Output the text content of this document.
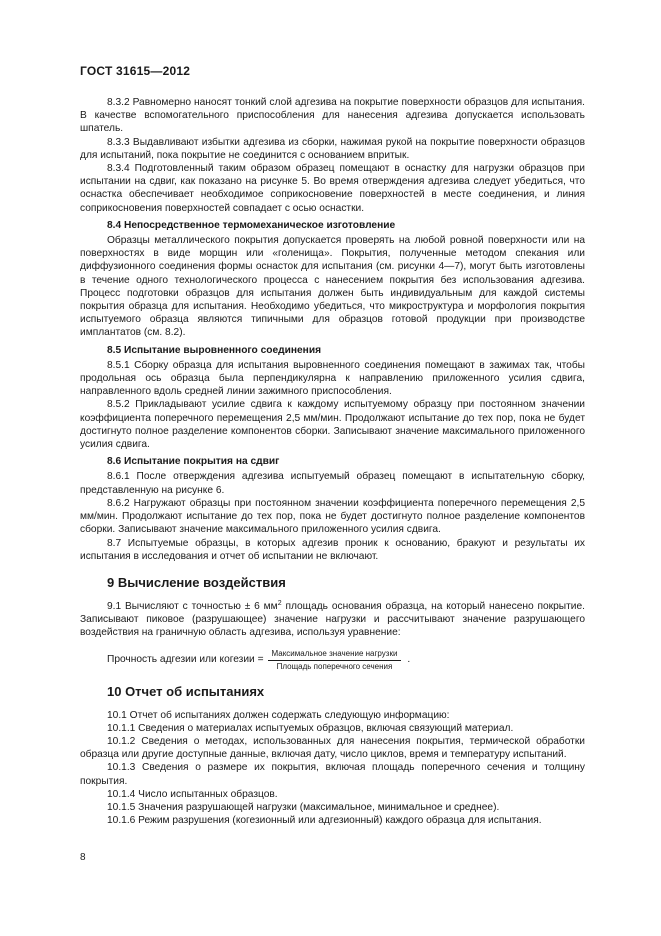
ГОСТ 31615—2012

8.3.2 Равномерно наносят тонкий слой адгезива на покрытие поверхности образцов для испытания. В качестве вспомогательного приспособления для нанесения адгезива допускается использовать шпатель.

8.3.3 Выдавливают избытки адгезива из сборки, нажимая рукой на покрытие поверхности образцов для испытаний, пока покрытие не соединится с основанием впритык.

8.3.4 Подготовленный таким образом образец помещают в оснастку для нагрузки образцов при испытании на сдвиг, как показано на рисунке 5. Во время отверждения адгезива следует убедиться, что оснастка обеспечивает необходимое соприкосновение поверхностей в месте соединения, и линия соприкосновения поверхностей совпадает с осью оснастки.

8.4 Непосредственное термомеханическое изготовление

Образцы металлического покрытия допускается проверять на любой ровной поверхности или на поверхностях в виде морщин или «голенища». Покрытия, полученные методом спекания или диффузионного соединения формы оснасток для испытания (см. рисунки 4—7), могут быть изготовлены в течение одного технологического процесса с нанесением покрытия без использования адгезива. Процесс подготовки образцов для испытания должен быть индивидуальным для каждой системы покрытия образца для испытания. Необходимо убедиться, что микроструктура и морфология покрытия испытуемого образца являются типичными для образцов готовой продукции при производстве имплантатов (см. 8.2).

8.5 Испытание выровненного соединения

8.5.1 Сборку образца для испытания выровненного соединения помещают в зажимах так, чтобы продольная ось образца была перпендикулярна к направлению приложенного усилия сдвига, направленного вдоль средней линии зажимного приспособления.

8.5.2 Прикладывают усилие сдвига к каждому испытуемому образцу при постоянном значении коэффициента поперечного перемещения 2,5 мм/мин. Продолжают испытание до тех пор, пока не будет достигнуто полное разделение компонентов сборки. Записывают значение максимального приложенного усилия сдвига.

8.6 Испытание покрытия на сдвиг

8.6.1 После отверждения адгезива испытуемый образец помещают в испытательную сборку, представленную на рисунке 6.

8.6.2 Нагружают образцы при постоянном значении коэффициента поперечного перемещения 2,5 мм/мин. Продолжают испытание до тех пор, пока не будет достигнуто полное разделение компонентов сборки. Записывают значение максимального приложенного усилия сдвига.

8.7 Испытуемые образцы, в которых адгезив проник к основанию, бракуют и результаты их испытания в исследования и отчет об испытании не включают.

9 Вычисление воздействия

9.1 Вычисляют с точностью ± 6 $мм^2$ площадь основания образца, на который нанесено покрытие. Записывают пиковое (разрушающее) значение нагрузки и рассчитывают значение разрушающего воздействия на граничную область адгезива, используя уравнение:

Прочность адгезии или когезии = $\frac{\text{Максимальное значение нагрузки}}{\text{Площадь поперечного сечения}}$ .
10 Отчет об испытаниях

10.1 Отчет об испытаниях должен содержать следующую информацию:

10.1.1 Сведения о материалах испытуемых образцов, включая связующий материал.

10.1.2 Сведения о методах, использованных для нанесения покрытия, термической обработки образца или другие доступные данные, включая дату, число циклов, время и температуру испытаний.

10.1.3 Сведения о размере их покрытия, включая площадь поперечного сечения и толщину покрытия.

10.1.4 Число испытанных образцов.

10.1.5 Значения разрушающей нагрузки (максимальное, минимальное и среднее).

10.1.6 Режим разрушения (когезионный или адгезионный) каждого образца для испытания.

8
